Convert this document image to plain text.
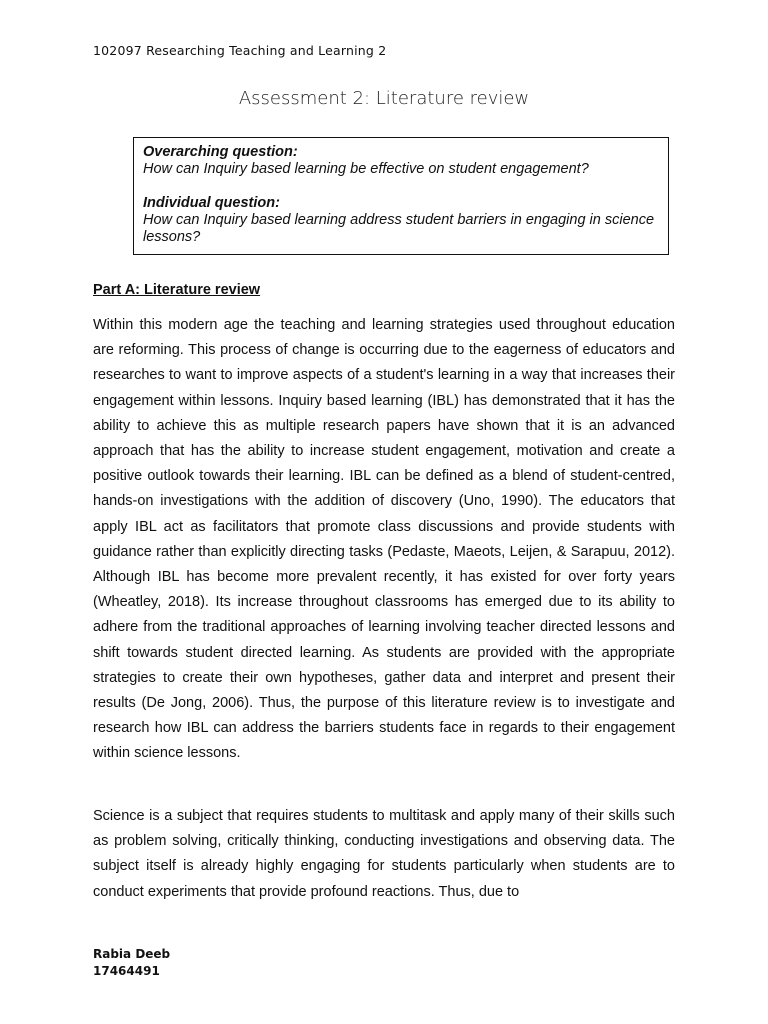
102097 Researching Teaching and Learning 2
Assessment 2: Literature review
Overarching question:
How can Inquiry based learning be effective on student engagement?
Individual question:
How can Inquiry based learning address student barriers in engaging in science lessons?
Part A: Literature review
Within this modern age the teaching and learning strategies used throughout education are reforming. This process of change is occurring due to the eagerness of educators and researches to want to improve aspects of a student's learning in a way that increases their engagement within lessons. Inquiry based learning (IBL) has demonstrated that it has the ability to achieve this as multiple research papers have shown that it is an advanced approach that has the ability to increase student engagement, motivation and create a positive outlook towards their learning. IBL can be defined as a blend of student-centred, hands-on investigations with the addition of discovery (Uno, 1990). The educators that apply IBL act as facilitators that promote class discussions and provide students with guidance rather than explicitly directing tasks (Pedaste, Maeots, Leijen, & Sarapuu, 2012). Although IBL has become more prevalent recently, it has existed for over forty years (Wheatley, 2018). Its increase throughout classrooms has emerged due to its ability to adhere from the traditional approaches of learning involving teacher directed lessons and shift towards student directed learning. As students are provided with the appropriate strategies to create their own hypotheses, gather data and interpret and present their results (De Jong, 2006). Thus, the purpose of this literature review is to investigate and research how IBL can address the barriers students face in regards to their engagement within science lessons.
Science is a subject that requires students to multitask and apply many of their skills such as problem solving, critically thinking, conducting investigations and observing data. The subject itself is already highly engaging for students particularly when students are to conduct experiments that provide profound reactions. Thus, due to
Rabia Deeb
17464491
